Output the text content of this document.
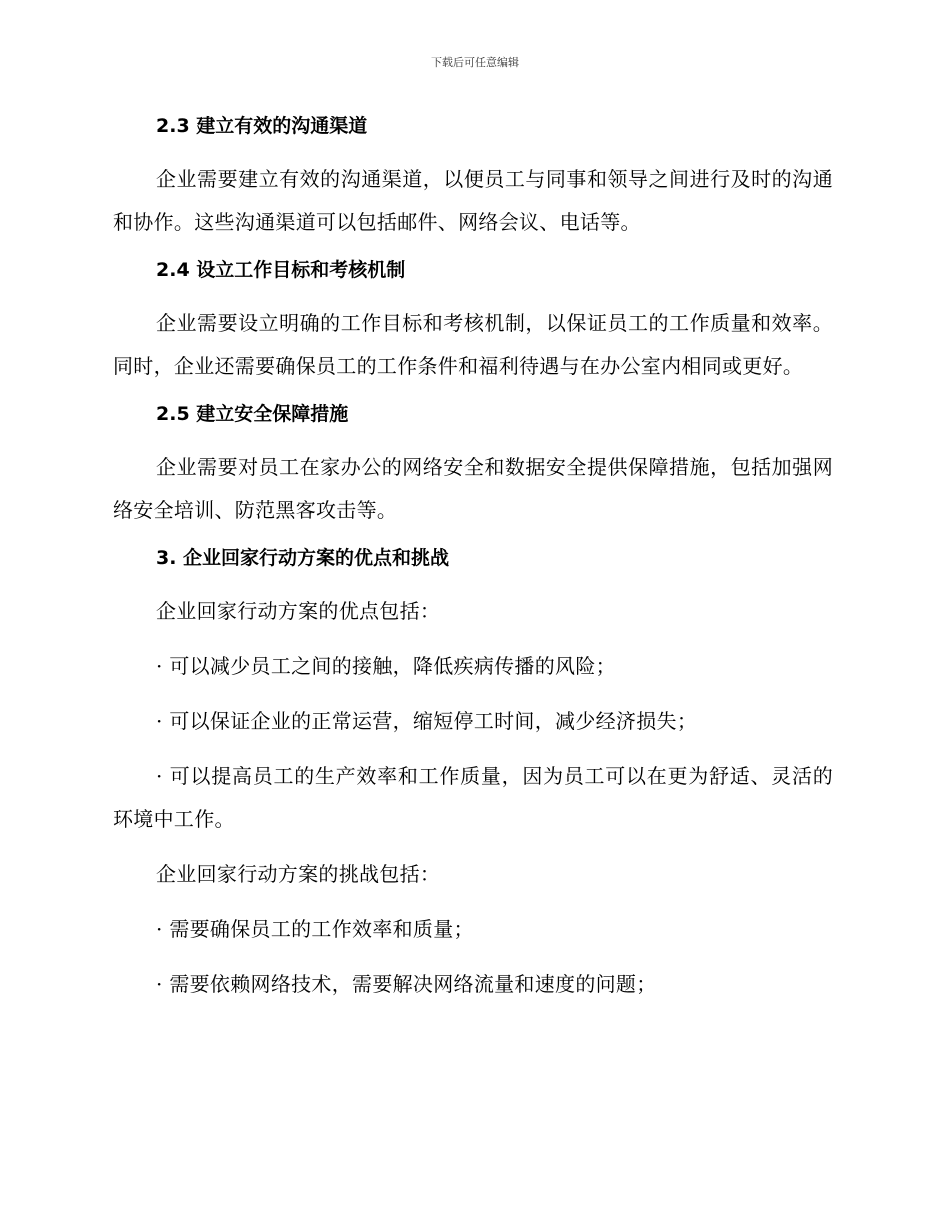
下载后可任意编辑
2.3 建立有效的沟通渠道

企业需要建立有效的沟通渠道，以便员工与同事和领导之间进行及时的沟通和协作。这些沟通渠道可以包括邮件、网络会议、电话等。

2.4 设立工作目标和考核机制

企业需要设立明确的工作目标和考核机制，以保证员工的工作质量和效率。同时，企业还需要确保员工的工作条件和福利待遇与在办公室内相同或更好。

2.5 建立安全保障措施

企业需要对员工在家办公的网络安全和数据安全提供保障措施，包括加强网络安全培训、防范黑客攻击等。

3. 企业回家行动方案的优点和挑战

企业回家行动方案的优点包括：

· 可以减少员工之间的接触，降低疾病传播的风险；

· 可以保证企业的正常运营，缩短停工时间，减少经济损失；

· 可以提高员工的生产效率和工作质量，因为员工可以在更为舒适、灵活的环境中工作。

企业回家行动方案的挑战包括：

· 需要确保员工的工作效率和质量；

· 需要依赖网络技术，需要解决网络流量和速度的问题；
